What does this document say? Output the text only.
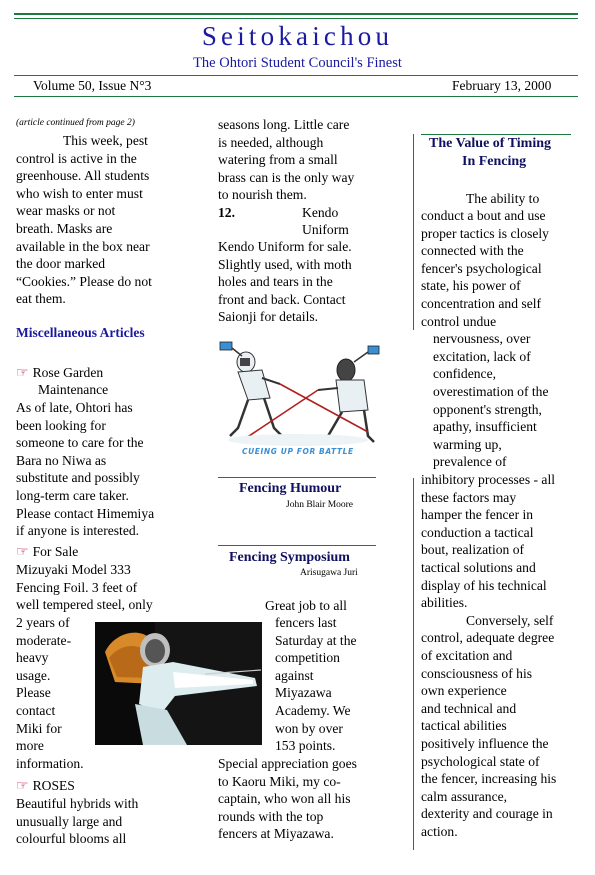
Seitokaichou
The Ohtori Student Council's Finest
Volume 50, Issue N°3	February 13, 2000
(article continued from page 2)
This week, pest
control is active in the
greenhouse. All students
who wish to enter must
wear masks or not
breath. Masks are
available in the box near
the door marked
“Cookies.” Please do not
eat them.
Miscellaneous Articles
☞ Rose Garden
Maintenance
As of late, Ohtori has
been looking for
someone to care for the
Bara no Niwa as
substitute and possibly
long-term care taker.
Please contact Himemiya
if anyone is interested.
☞ For Sale
Mizuyaki Model 333
Fencing Foil. 3 feet of
well tempered steel, only
2 years of
moderate-
heavy
usage.
Please
contact
Miki for
more
information.
☞ ROSES
Beautiful hybrids with
unusually large and
colourful blooms all
seasons long. Little care
is needed, although
watering from a small
brass can is the only way
to nourish them.
12.	Kendo
Uniform
Kendo Uniform for sale.
Slightly used, with moth
holes and tears in the
front and back. Contact
Saionji for details.
CUEING UP FOR BATTLE
Fencing Humour
John Blair Moore
Fencing Symposium
Arisugawa Juri
Great job to all
fencers last
Saturday at the
competition
against
Miyazawa
Academy. We
won by over
153 points.
Special appreciation goes
to Kaoru Miki, my co-
captain, who won all his
rounds with the top
fencers at Miyazawa.
The Value of Timing
In Fencing
The ability to
conduct a bout and use
proper tactics is closely
connected with the
fencer's psychological
state, his power of
concentration and self
control undue
nervousness, over
excitation, lack of
confidence,
overestimation of the
opponent's strength,
apathy, insufficient
warming up,
prevalence of
inhibitory processes - all
these factors may
hamper the fencer in
conduction a tactical
bout, realization of
tactical solutions and
display of his technical
abilities.
Conversely, self
control, adequate degree
of excitation and
consciousness of his
own experience
and technical and
tactical abilities
positively influence the
psychological state of
the fencer, increasing his
calm assurance,
dexterity and courage in
action.
